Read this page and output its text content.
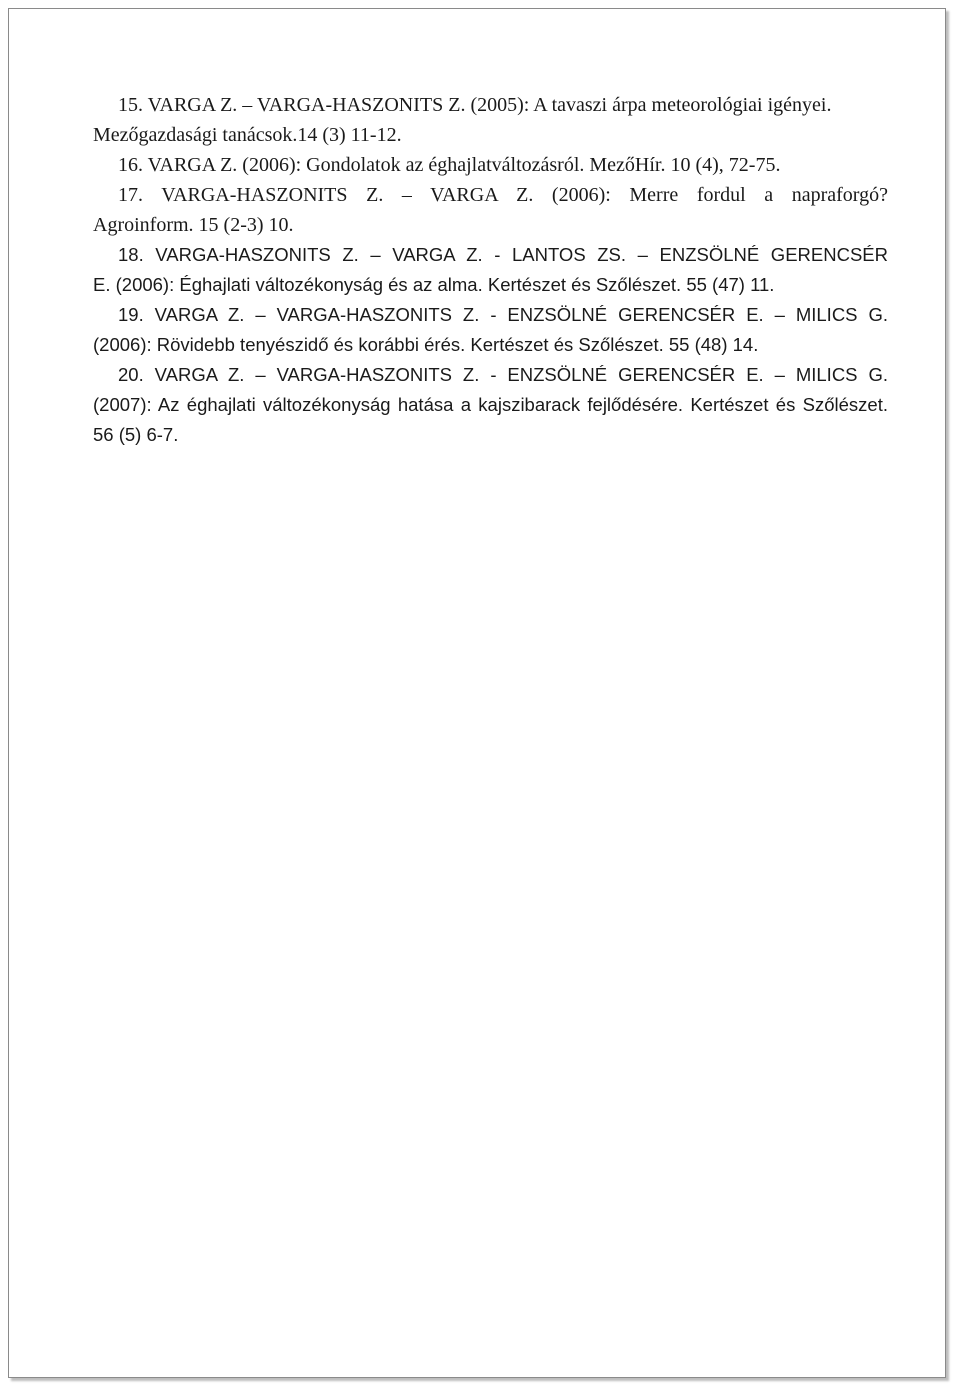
15. VARGA Z. – VARGA-HASZONITS Z. (2005): A tavaszi árpa meteorológiai igényei.
Mezőgazdasági tanácsok.14 (3) 11-12.
16. VARGA Z. (2006): Gondolatok az éghajlatváltozásról. MezőHír. 10 (4), 72-75.
17. VARGA-HASZONITS Z. – VARGA Z. (2006): Merre fordul a napraforgó?
Agroinform. 15 (2-3) 10.
18. VARGA-HASZONITS Z. – VARGA Z. - LANTOS ZS. – ENZSÖLNÉ GERENCSÉR
E. (2006): Éghajlati változékonyság és az alma. Kertészet és Szőlészet. 55 (47) 11.
19. VARGA Z. – VARGA-HASZONITS Z. - ENZSÖLNÉ GERENCSÉR E. – MILICS G.
(2006): Rövidebb tenyészidő és korábbi érés. Kertészet és Szőlészet. 55 (48) 14.
20. VARGA Z. – VARGA-HASZONITS Z. - ENZSÖLNÉ GERENCSÉR E. – MILICS G.
(2007): Az éghajlati változékonyság hatása a kajszibarack fejlődésére. Kertészet és Szőlészet.
56 (5) 6-7.
